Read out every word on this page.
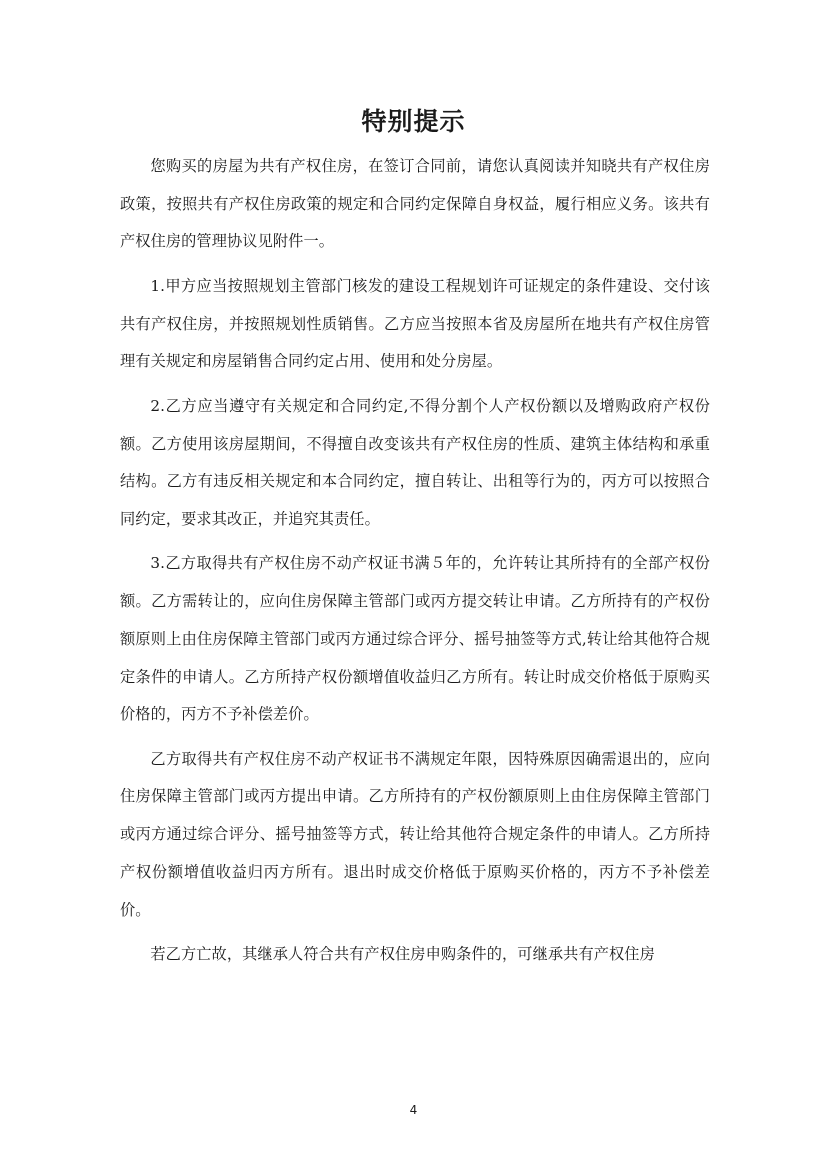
特别提示

您购买的房屋为共有产权住房，在签订合同前，请您认真阅读并知晓共有产权住房政策，按照共有产权住房政策的规定和合同约定保障自身权益，履行相应义务。该共有产权住房的管理协议见附件一。

1.甲方应当按照规划主管部门核发的建设工程规划许可证规定的条件建设、交付该共有产权住房，并按照规划性质销售。乙方应当按照本省及房屋所在地共有产权住房管理有关规定和房屋销售合同约定占用、使用和处分房屋。

2.乙方应当遵守有关规定和合同约定,不得分割个人产权份额以及增购政府产权份额。乙方使用该房屋期间，不得擅自改变该共有产权住房的性质、建筑主体结构和承重结构。乙方有违反相关规定和本合同约定，擅自转让、出租等行为的，丙方可以按照合同约定，要求其改正，并追究其责任。

3.乙方取得共有产权住房不动产权证书满５年的，允许转让其所持有的全部产权份额。乙方需转让的，应向住房保障主管部门或丙方提交转让申请。乙方所持有的产权份额原则上由住房保障主管部门或丙方通过综合评分、摇号抽签等方式,转让给其他符合规定条件的申请人。乙方所持产权份额增值收益归乙方所有。转让时成交价格低于原购买价格的，丙方不予补偿差价。

乙方取得共有产权住房不动产权证书不满规定年限，因特殊原因确需退出的，应向住房保障主管部门或丙方提出申请。乙方所持有的产权份额原则上由住房保障主管部门或丙方通过综合评分、摇号抽签等方式，转让给其他符合规定条件的申请人。乙方所持产权份额增值收益归丙方所有。退出时成交价格低于原购买价格的，丙方不予补偿差价。

若乙方亡故，其继承人符合共有产权住房申购条件的，可继承共有产权住房

4
